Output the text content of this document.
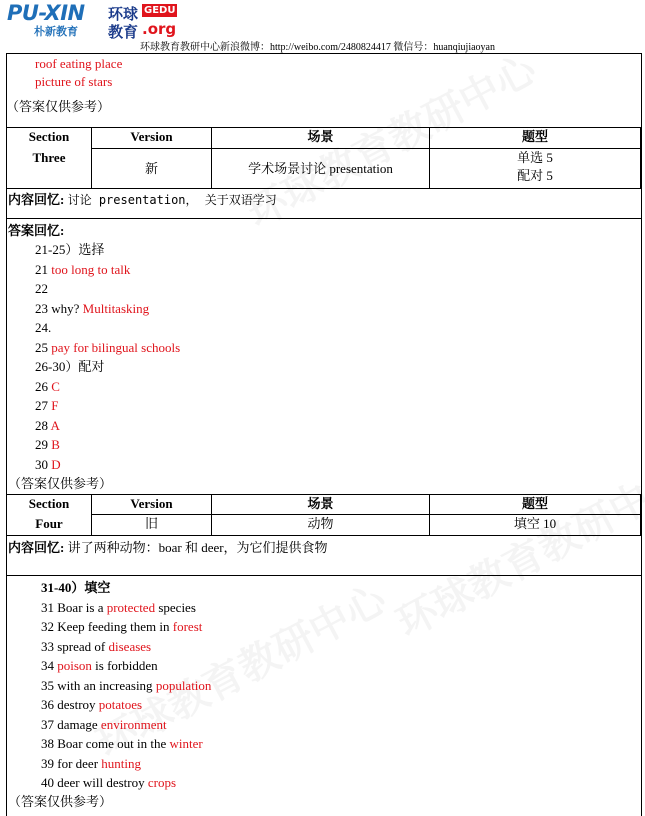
PU-XIN
朴新教育
环球
教育
GEDU
.org
环球教育教研中心新浪微博：http://weibo.com/2480824417 微信号：huanqiujiaoyan
roof eating place
picture of stars
（答案仅供参考）
Section	Version	场景	题型
Three	新	学术场景讨论 presentation	单选 5
配对 5
内容回忆: 讨论 presentation， 关于双语学习
答案回忆:
21-25）选择
21 too long to talk
22
23 why? Multitasking
24.
25 pay for bilingual schools
26-30）配对
26 C
27 F
28 A
29 B
30 D
（答案仅供参考）
Section	Version	场景	题型
Four	旧	动物	填空 10
内容回忆: 讲了两种动物：boar 和 deer，为它们提供食物
31-40）填空
31 Boar is a protected species
32 Keep feeding them in forest
33 spread of diseases
34 poison is forbidden
35 with an increasing population
36 destroy potatoes
37 damage environment
38 Boar come out in the winter
39 for deer hunting
40 deer will destroy crops
（答案仅供参考）
